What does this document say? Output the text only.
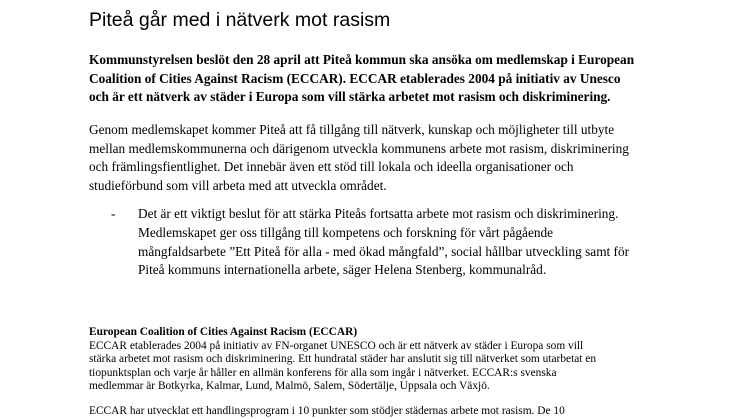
Piteå går med i nätverk mot rasism

Kommunstyrelsen beslöt den 28 april att Piteå kommun ska ansöka om medlemskap i European
Coalition of Cities Against Racism (ECCAR). ECCAR etablerades 2004 på initiativ av Unesco
och är ett nätverk av städer i Europa som vill stärka arbetet mot rasism och diskriminering.

Genom medlemskapet kommer Piteå att få tillgång till nätverk, kunskap och möjligheter till utbyte
mellan medlemskommunerna och därigenom utveckla kommunens arbete mot rasism, diskriminering
och främlingsfientlighet. Det innebär även ett stöd till lokala och ideella organisationer och
studieförbund som vill arbeta med att utveckla området.

- Det är ett viktigt beslut för att stärka Piteås fortsatta arbete mot rasism och diskriminering.
Medlemskapet ger oss tillgång till kompetens och forskning för vårt pågående
mångfaldsarbete ”Ett Piteå för alla - med ökad mångfald”, social hållbar utveckling samt för
Piteå kommuns internationella arbete, säger Helena Stenberg, kommunalråd.
European Coalition of Cities Against Racism (ECCAR)

ECCAR etablerades 2004 på initiativ av FN-organet UNESCO och är ett nätverk av städer i Europa som vill
stärka arbetet mot rasism och diskriminering. Ett hundratal städer har anslutit sig till nätverket som utarbetat en
tiopunktsplan och varje år håller en allmän konferens för alla som ingår i nätverket. ECCAR:s svenska
medlemmar är Botkyrka, Kalmar, Lund, Malmö, Salem, Södertälje, Uppsala och Växjö.

ECCAR har utvecklat ett handlingsprogram i 10 punkter som stödjer städernas arbete mot rasism. De 10
